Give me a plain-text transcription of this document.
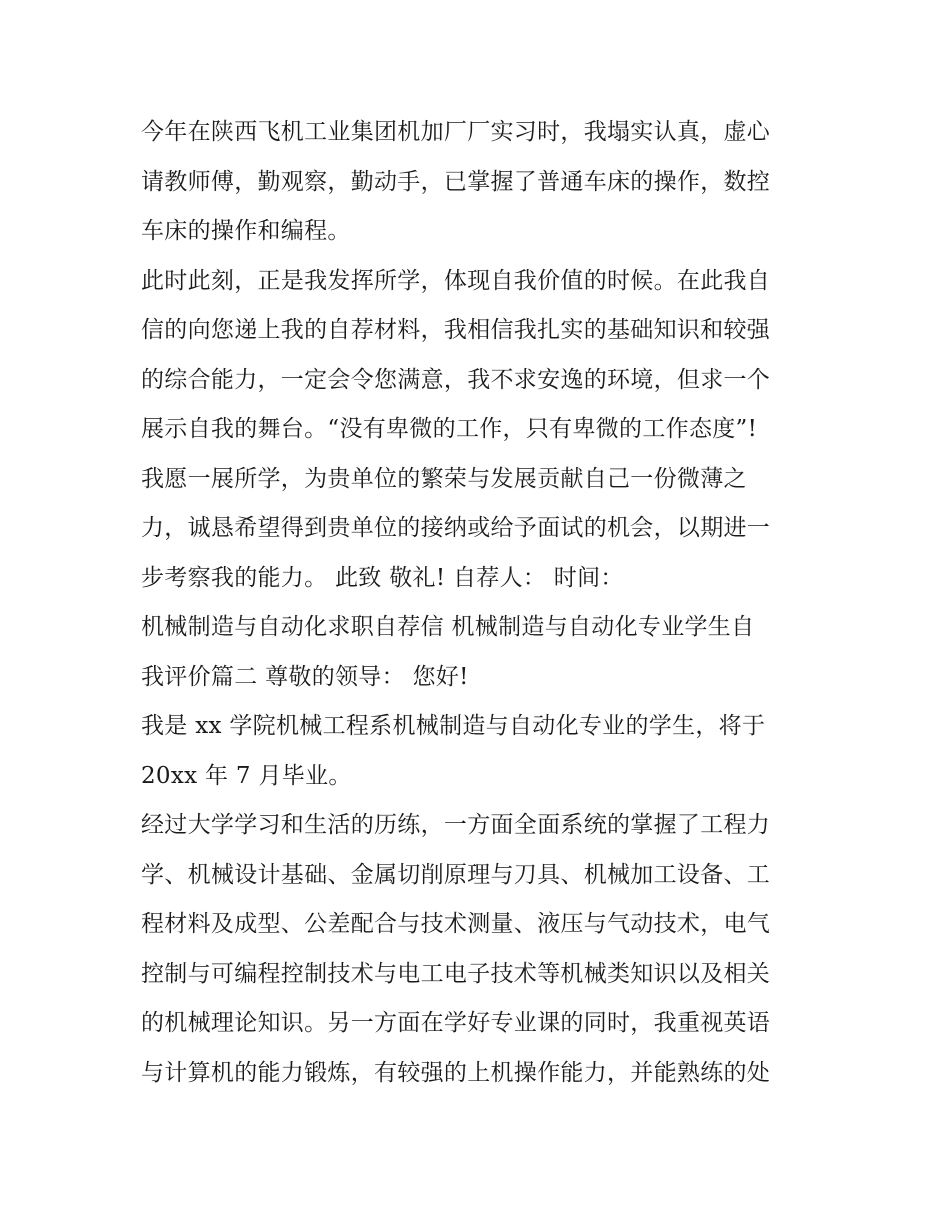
今年在陕西飞机工业集团机加厂厂实习时，我塌实认真，虚心
请教师傅，勤观察，勤动手，已掌握了普通车床的操作，数控
车床的操作和编程。
此时此刻，正是我发挥所学，体现自我价值的时候。在此我自
信的向您递上我的自荐材料，我相信我扎实的基础知识和较强
的综合能力，一定会令您满意，我不求安逸的环境，但求一个
展示自我的舞台。“没有卑微的工作，只有卑微的工作态度”!
我愿一展所学，为贵单位的繁荣与发展贡献自己一份微薄之
力，诚恳希望得到贵单位的接纳或给予面试的机会，以期进一
步考察我的能力。 此致 敬礼! 自荐人： 时间：
机械制造与自动化求职自荐信 机械制造与自动化专业学生自
我评价篇二 尊敬的领导： 您好!
我是 xx 学院机械工程系机械制造与自动化专业的学生，将于
20xx 年 7 月毕业。
经过大学学习和生活的历练，一方面全面系统的掌握了工程力
学、机械设计基础、金属切削原理与刀具、机械加工设备、工
程材料及成型、公差配合与技术测量、液压与气动技术，电气
控制与可编程控制技术与电工电子技术等机械类知识以及相关
的机械理论知识。另一方面在学好专业课的同时，我重视英语
与计算机的能力锻炼，有较强的上机操作能力，并能熟练的处
